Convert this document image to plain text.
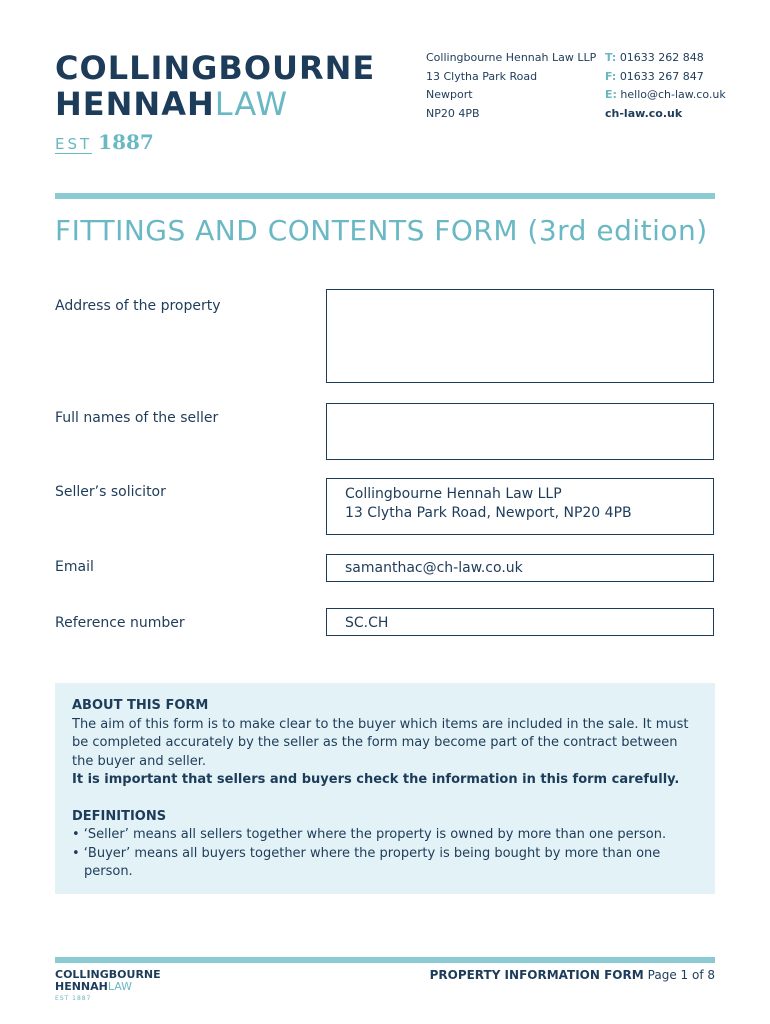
COLLINGBOURNE
HENNAHLAW
EST 1887
Collingbourne Hennah Law LLP
13 Clytha Park Road
Newport
NP20 4PB
T: 01633 262 848
F: 01633 267 847
E: hello@ch-law.co.uk
ch-law.co.uk
FITTINGS AND CONTENTS FORM (3rd edition)
Address of the property
Full names of the seller
Seller’s solicitor	Collingbourne Hennah Law LLP
13 Clytha Park Road, Newport, NP20 4PB
Email	samanthac@ch-law.co.uk
Reference number	SC.CH
ABOUT THIS FORM

The aim of this form is to make clear to the buyer which items are included in the sale. It must be completed accurately by the seller as the form may become part of the contract between the buyer and seller.

It is important that sellers and buyers check the information in this form carefully.

DEFINITIONS
• ‘Seller’ means all sellers together where the property is owned by more than one person.
• ‘Buyer’ means all buyers together where the property is being bought by more than one person.
COLLINGBOURNE
HENNAHLAW
EST 1887
PROPERTY INFORMATION FORM Page 1 of 8
